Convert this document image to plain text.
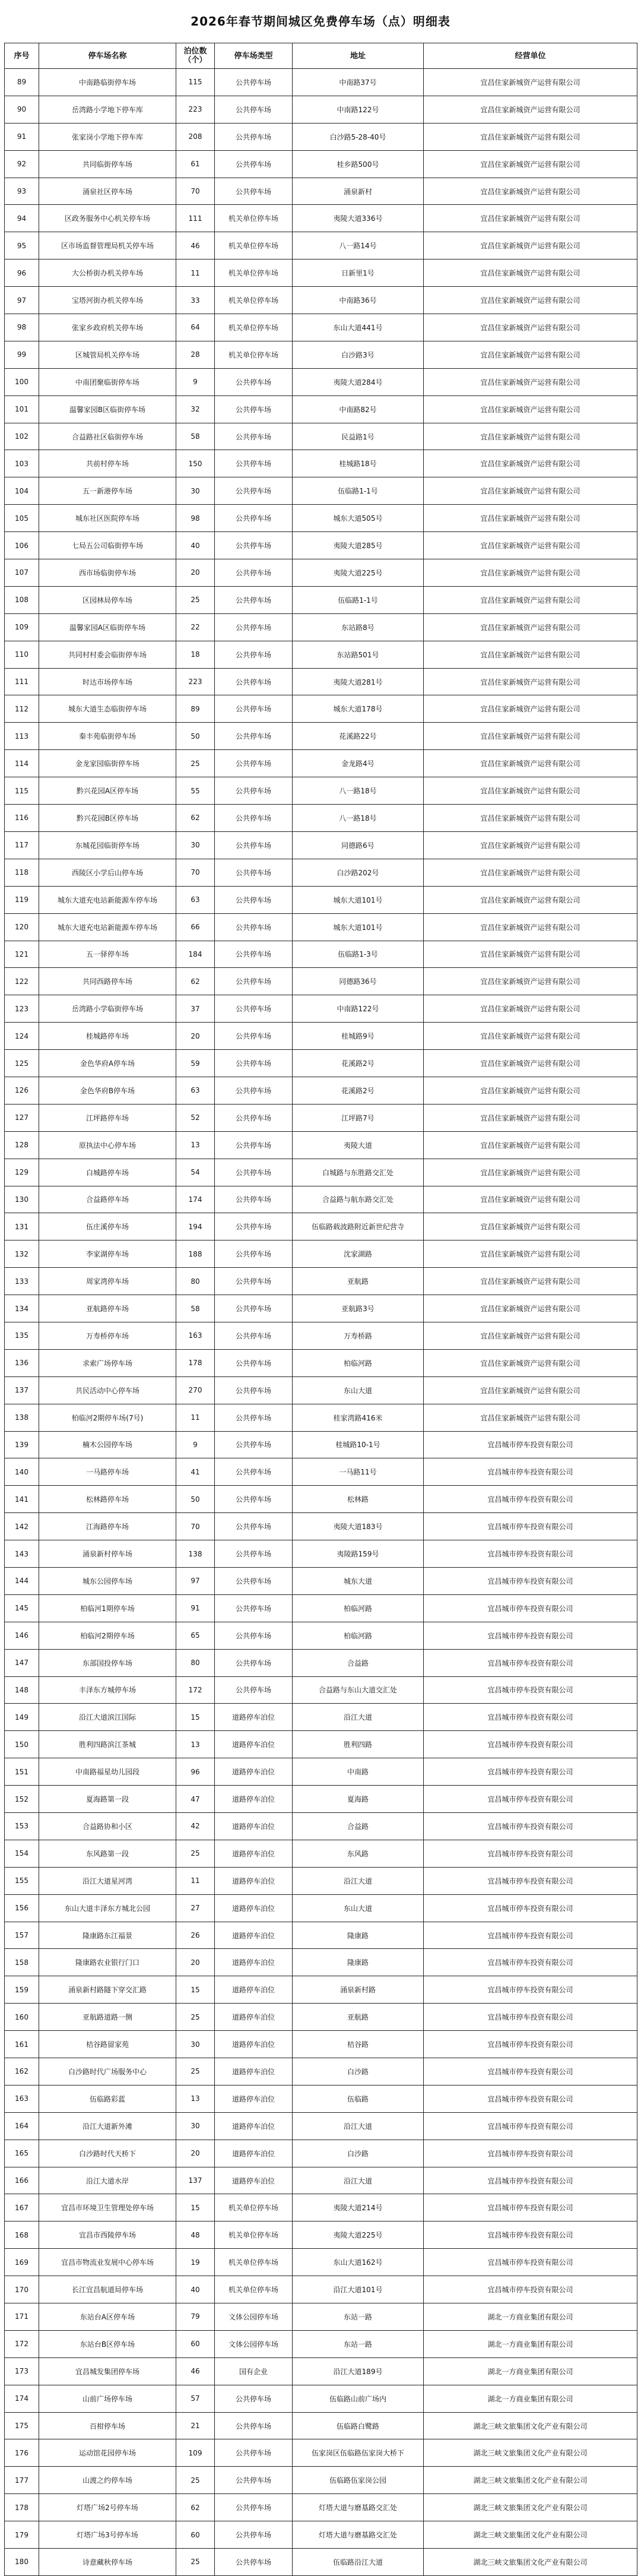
2026年春节期间城区免费停车场（点）明细表
序号	停车场名称	泊位数（个）	停车场类型	地址	经营单位
89	中南路临街停车场	115	公共停车场	中南路37号	宜昌住家新城资产运营有限公司
90	岳湾路小学地下停车库	223	公共停车场	中南路122号	宜昌住家新城资产运营有限公司
91	张家岗小学地下停车库	208	公共停车场	白沙路5-28-40号	宜昌住家新城资产运营有限公司
92	共同临街停车场	61	公共停车场	桂乡路500号	宜昌住家新城资产运营有限公司
93	涌泉社区停车场	70	公共停车场	涌泉新村	宜昌住家新城资产运营有限公司
94	区政务服务中心机关停车场	111	机关单位停车场	夷陵大道336号	宜昌住家新城资产运营有限公司
95	区市场监督管理局机关停车场	46	机关单位停车场	八一路14号	宜昌住家新城资产运营有限公司
96	大公桥街办机关停车场	11	机关单位停车场	日新里1号	宜昌住家新城资产运营有限公司
97	宝塔河街办机关停车场	33	机关单位停车场	中南路36号	宜昌住家新城资产运营有限公司
98	张家乡政府机关停车场	64	机关单位停车场	东山大道441号	宜昌住家新城资产运营有限公司
99	区城管局机关停车场	28	机关单位停车场	白沙路3号	宜昌住家新城资产运营有限公司
100	中南团聚临街停车场	9	公共停车场	夷陵大道284号	宜昌住家新城资产运营有限公司
101	温馨家园B区临街停车场	32	公共停车场	中南路82号	宜昌住家新城资产运营有限公司
102	合益路社区临街停车场	58	公共停车场	民益路1号	宜昌住家新城资产运营有限公司
103	共前村停车场	150	公共停车场	桂城路18号	宜昌住家新城资产运营有限公司
104	五一新港停车场	30	公共停车场	伍临路1-1号	宜昌住家新城资产运营有限公司
105	城东社区医院停车场	98	公共停车场	城东大道505号	宜昌住家新城资产运营有限公司
106	七局五公司临街停车场	40	公共停车场	夷陵大道285号	宜昌住家新城资产运营有限公司
107	西市场临街停车场	20	公共停车场	夷陵大道225号	宜昌住家新城资产运营有限公司
108	区园林局停车场	25	公共停车场	伍临路1-1号	宜昌住家新城资产运营有限公司
109	温馨家园A区临街停车场	22	公共停车场	东站路8号	宜昌住家新城资产运营有限公司
110	共同村村委会临街停车场	18	公共停车场	东站路501号	宜昌住家新城资产运营有限公司
111	时达市场停车场	223	公共停车场	夷陵大道281号	宜昌住家新城资产运营有限公司
112	城东大道生态临街停车场	89	公共停车场	城东大道178号	宜昌住家新城资产运营有限公司
113	秦丰苑临街停车场	50	公共停车场	花溪路22号	宜昌住家新城资产运营有限公司
114	金龙家园临街停车场	25	公共停车场	金龙路4号	宜昌住家新城资产运营有限公司
115	黔兴花园A区停车场	55	公共停车场	八一路18号	宜昌住家新城资产运营有限公司
116	黔兴花园B区停车场	62	公共停车场	八一路18号	宜昌住家新城资产运营有限公司
117	东城花园临街停车场	30	公共停车场	同德路6号	宜昌住家新城资产运营有限公司
118	西陵区小学后山停车场	70	公共停车场	白沙路202号	宜昌住家新城资产运营有限公司
119	城东大道充电站新能源车停车场	63	公共停车场	城东大道101号	宜昌住家新城资产运营有限公司
120	城东大道充电站新能源车停车场	66	公共停车场	城东大道101号	宜昌住家新城资产运营有限公司
121	五一驿停车场	184	公共停车场	伍临路1-3号	宜昌住家新城资产运营有限公司
122	共同西路停车场	62	公共停车场	同德路36号	宜昌住家新城资产运营有限公司
123	岳湾路小学临街停车场	37	公共停车场	中南路122号	宜昌住家新城资产运营有限公司
124	桂城路停车场	20	公共停车场	桂城路9号	宜昌住家新城资产运营有限公司
125	金色华府A停车场	59	公共停车场	花溪路2号	宜昌住家新城资产运营有限公司
126	金色华府B停车场	63	公共停车场	花溪路2号	宜昌住家新城资产运营有限公司
127	江坪路停车场	52	公共停车场	江坪路7号	宜昌住家新城资产运营有限公司
128	原执法中心停车场	13	公共停车场	夷陵大道	宜昌住家新城资产运营有限公司
129	白城路停车场	54	公共停车场	白城路与东胜路交汇处	宜昌住家新城资产运营有限公司
130	合益路停车场	174	公共停车场	合益路与航东路交汇处	宜昌住家新城资产运营有限公司
131	伍庄溪停车场	194	公共停车场	伍临路载波路附近新世纪营寺	宜昌住家新城资产运营有限公司
132	李家湖停车场	188	公共停车场	沈家湖路	宜昌住家新城资产运营有限公司
133	周家湾停车场	80	公共停车场	亚航路	宜昌住家新城资产运营有限公司
134	亚航路停车场	58	公共停车场	亚航路3号	宜昌住家新城资产运营有限公司
135	万寿桥停车场	163	公共停车场	万寿桥路	宜昌住家新城资产运营有限公司
136	求索广场停车场	178	公共停车场	柏临河路	宜昌住家新城资产运营有限公司
137	共民活动中心停车场	270	公共停车场	东山大道	宜昌住家新城资产运营有限公司
138	柏临河2期停车场(7号)	11	公共停车场	桂家湾路416米	宜昌住家新城资产运营有限公司
139	楠木公园停车场	9	公共停车场	桂城路10-1号	宜昌城市停车投资有限公司
140	一马路停车场	41	公共停车场	一马路11号	宜昌城市停车投资有限公司
141	松林路停车场	50	公共停车场	松林路	宜昌城市停车投资有限公司
142	江海路停车场	70	公共停车场	夷陵大道183号	宜昌城市停车投资有限公司
143	涌泉新村停车场	138	公共停车场	夷陵路159号	宜昌城市停车投资有限公司
144	城东公园停车场	97	公共停车场	城东大道	宜昌城市停车投资有限公司
145	柏临河1期停车场	91	公共停车场	柏临河路	宜昌城市停车投资有限公司
146	柏临河2期停车场	65	公共停车场	柏临河路	宜昌城市停车投资有限公司
147	东部国投停车场	80	公共停车场	合益路	宜昌城市停车投资有限公司
148	丰泽东方城停车场	172	公共停车场	合益路与东山大道交汇处	宜昌城市停车投资有限公司
149	沿江大道滨江国际	15	道路停车泊位	沿江大道	宜昌城市停车投资有限公司
150	胜利四路滨江茶城	13	道路停车泊位	胜利四路	宜昌城市停车投资有限公司
151	中南路福星幼儿园段	96	道路停车泊位	中南路	宜昌城市停车投资有限公司
152	夏海路第一段	47	道路停车泊位	夏海路	宜昌城市停车投资有限公司
153	合益路协和小区	42	道路停车泊位	合益路	宜昌城市停车投资有限公司
154	东风路第一段	25	道路停车泊位	东风路	宜昌城市停车投资有限公司
155	沿江大道星河湾	11	道路停车泊位	沿江大道	宜昌城市停车投资有限公司
156	东山大道丰泽东方城北公园	27	道路停车泊位	东山大道	宜昌城市停车投资有限公司
157	隆康路东江福景	26	道路停车泊位	隆康路	宜昌城市停车投资有限公司
158	隆康路农业银行门口	20	道路停车泊位	隆康路	宜昌城市停车投资有限公司
159	涌泉新村路隧下穿交汇路	15	道路停车泊位	涌泉新村路	宜昌城市停车投资有限公司
160	亚航路道路一侧	25	道路停车泊位	亚航路	宜昌城市停车投资有限公司
161	桔谷路留家苑	30	道路停车泊位	桔谷路	宜昌城市停车投资有限公司
162	白沙路时代广场服务中心	25	道路停车泊位	白沙路	宜昌城市停车投资有限公司
163	伍临路彩蓝	13	道路停车泊位	伍临路	宜昌城市停车投资有限公司
164	沿江大道新外滩	30	道路停车泊位	沿江大道	宜昌城市停车投资有限公司
165	白沙路时代天桥下	20	道路停车泊位	白沙路	宜昌城市停车投资有限公司
166	沿江大道水岸	137	道路停车泊位	沿江大道	宜昌城市停车投资有限公司
167	宜昌市环境卫生管理处停车场	15	机关单位停车场	夷陵大道214号	宜昌城市停车投资有限公司
168	宜昌市西陵停车场	48	机关单位停车场	夷陵大道225号	宜昌城市停车投资有限公司
169	宜昌市物流业发展中心停车场	19	机关单位停车场	东山大道162号	宜昌城市停车投资有限公司
170	长江宜昌航道局停车场	40	机关单位停车场	沿江大道101号	宜昌城市停车投资有限公司
171	东站台A区停车场	79	文体公园停车场	东站一路	湖北一方商业集团有限公司
172	东站台B区停车场	60	文体公园停车场	东站一路	湖北一方商业集团有限公司
173	宜昌城发集团停车场	46	国有企业	沿江大道189号	湖北一方商业集团有限公司
174	山前广场停车场	57	公共停车场	伍临路山前广场内	湖北一方商业集团有限公司
175	百柑停车场	21	公共停车场	伍临路白鹭路	湖北三峡文旅集团文化产业有限公司
176	运动馆花园停车场	109	公共停车场	伍家岗区伍临路伍家岗大桥下	湖北三峡文旅集团文化产业有限公司
177	山渡之约停车场	25	公共停车场	伍临路伍家岗公园	湖北三峡文旅集团文化产业有限公司
178	灯塔广场2号停车场	62	公共停车场	灯塔大道与磨基路交汇处	湖北三峡文旅集团文化产业有限公司
179	灯塔广场3号停车场	60	公共停车场	灯塔大道与磨基路交汇处	湖北三峡文旅集团文化产业有限公司
180	诗意藏秋停车场	25	公共停车场	伍临路沿江大道	湖北三峡文旅集团文化产业有限公司
